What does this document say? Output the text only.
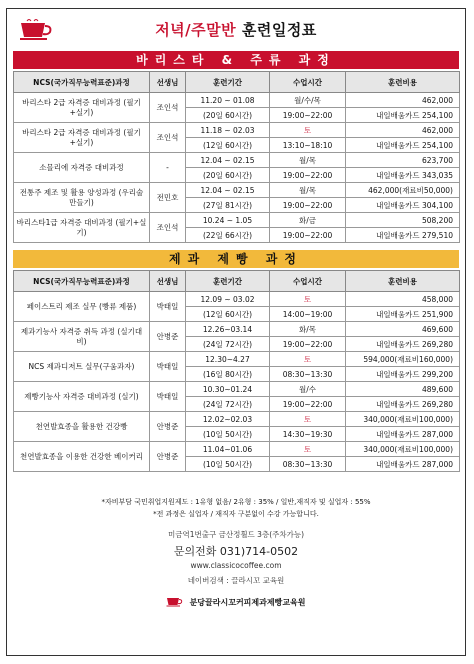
저녁/주말반 훈련일정표
바리스타 & 주류 과정
NCS(국가직무능력표준)과정	선생님	훈련기간	수업시간	훈련비용
바리스타 2급 자격증 대비과정 (필기+실기)	조인석	11.20 ~ 01.08	월/수/목	462,000
		(20일 60시간)	19:00~22:00	내일배움카드 254,100
바리스타 2급 자격증 대비과정 (필기+실기)	조인석	11.18 ~ 02.03	토	462,000
		(12일 60시간)	13:10~18:10	내일배움카드 254,100
소믈리에 자격증 대비과정	-	12.04 ~ 02.15	월/목	623,700
		(20일 60시간)	19:00~22:00	내일배움카드 343,035
전통주 제조 및 활용 양성과정 (우리술 만들기)	전민호	12.04 ~ 02.15	월/목	462,000(재료비50,000)
		(27일 81시간)	19:00~22:00	내일배움카드 304,100
바리스타1급 자격증 대비과정 (필기+실기)	조인석	10.24 ~ 1.05	화/금	508,200
		(22일 66시간)	19:00~22:00	내일배움카드 279,510
제과 제빵 과정
NCS(국가직무능력표준)과정	선생님	훈련기간	수업시간	훈련비용
페이스트리 제조 실무 (빵류 제품)	박태일	12.09 ~ 03.02	토	458,000
		(12일 60시간)	14:00~19:00	내일배움카드 251,900
제과기능사 자격증 취득 과정 (실기대비)	안병준	12.26~03.14	화/목	469,600
		(24일 72시간)	19:00~22:00	내일배움카드 269,280
NCS 제과디저트 실무(구움과자)	박태일	12.30~4.27	토	594,000(재료비160,000)
		(16일 80시간)	08:30~13:30	내일배움카드 299,200
제빵기능사 자격증 대비과정 (실기)	박태일	10.30~01.24	월/수	489,600
		(24일 72시간)	19:00~22:00	내일배움카드 269,280
천연발효종을 활용한 건강빵	안병준	12.02~02.03	토	340,000(재료비100,000)
		(10일 50시간)	14:30~19:30	내일배움카드 287,000
천연발효종을 이용한 건강한 베이커리	안병준	11.04~01.06	토	340,000(재료비100,000)
		(10일 50시간)	08:30~13:30	내일배움카드 287,000
*자비부담 국민취업지원제도 : 1유형 없음/ 2유형 : 35% / 일반,재직자 및 실업자 : 55%
*전 과정은 실업자 / 재직자 구분없이 수강 가능합니다.
미금역1번출구 금산정휠드 3층(주차가능)
문의전화 031)714-0502
www.classicocoffee.com
네이버검색 : 끌라시꼬 교육원
분당끌라시꼬커피제과제빵교육원
